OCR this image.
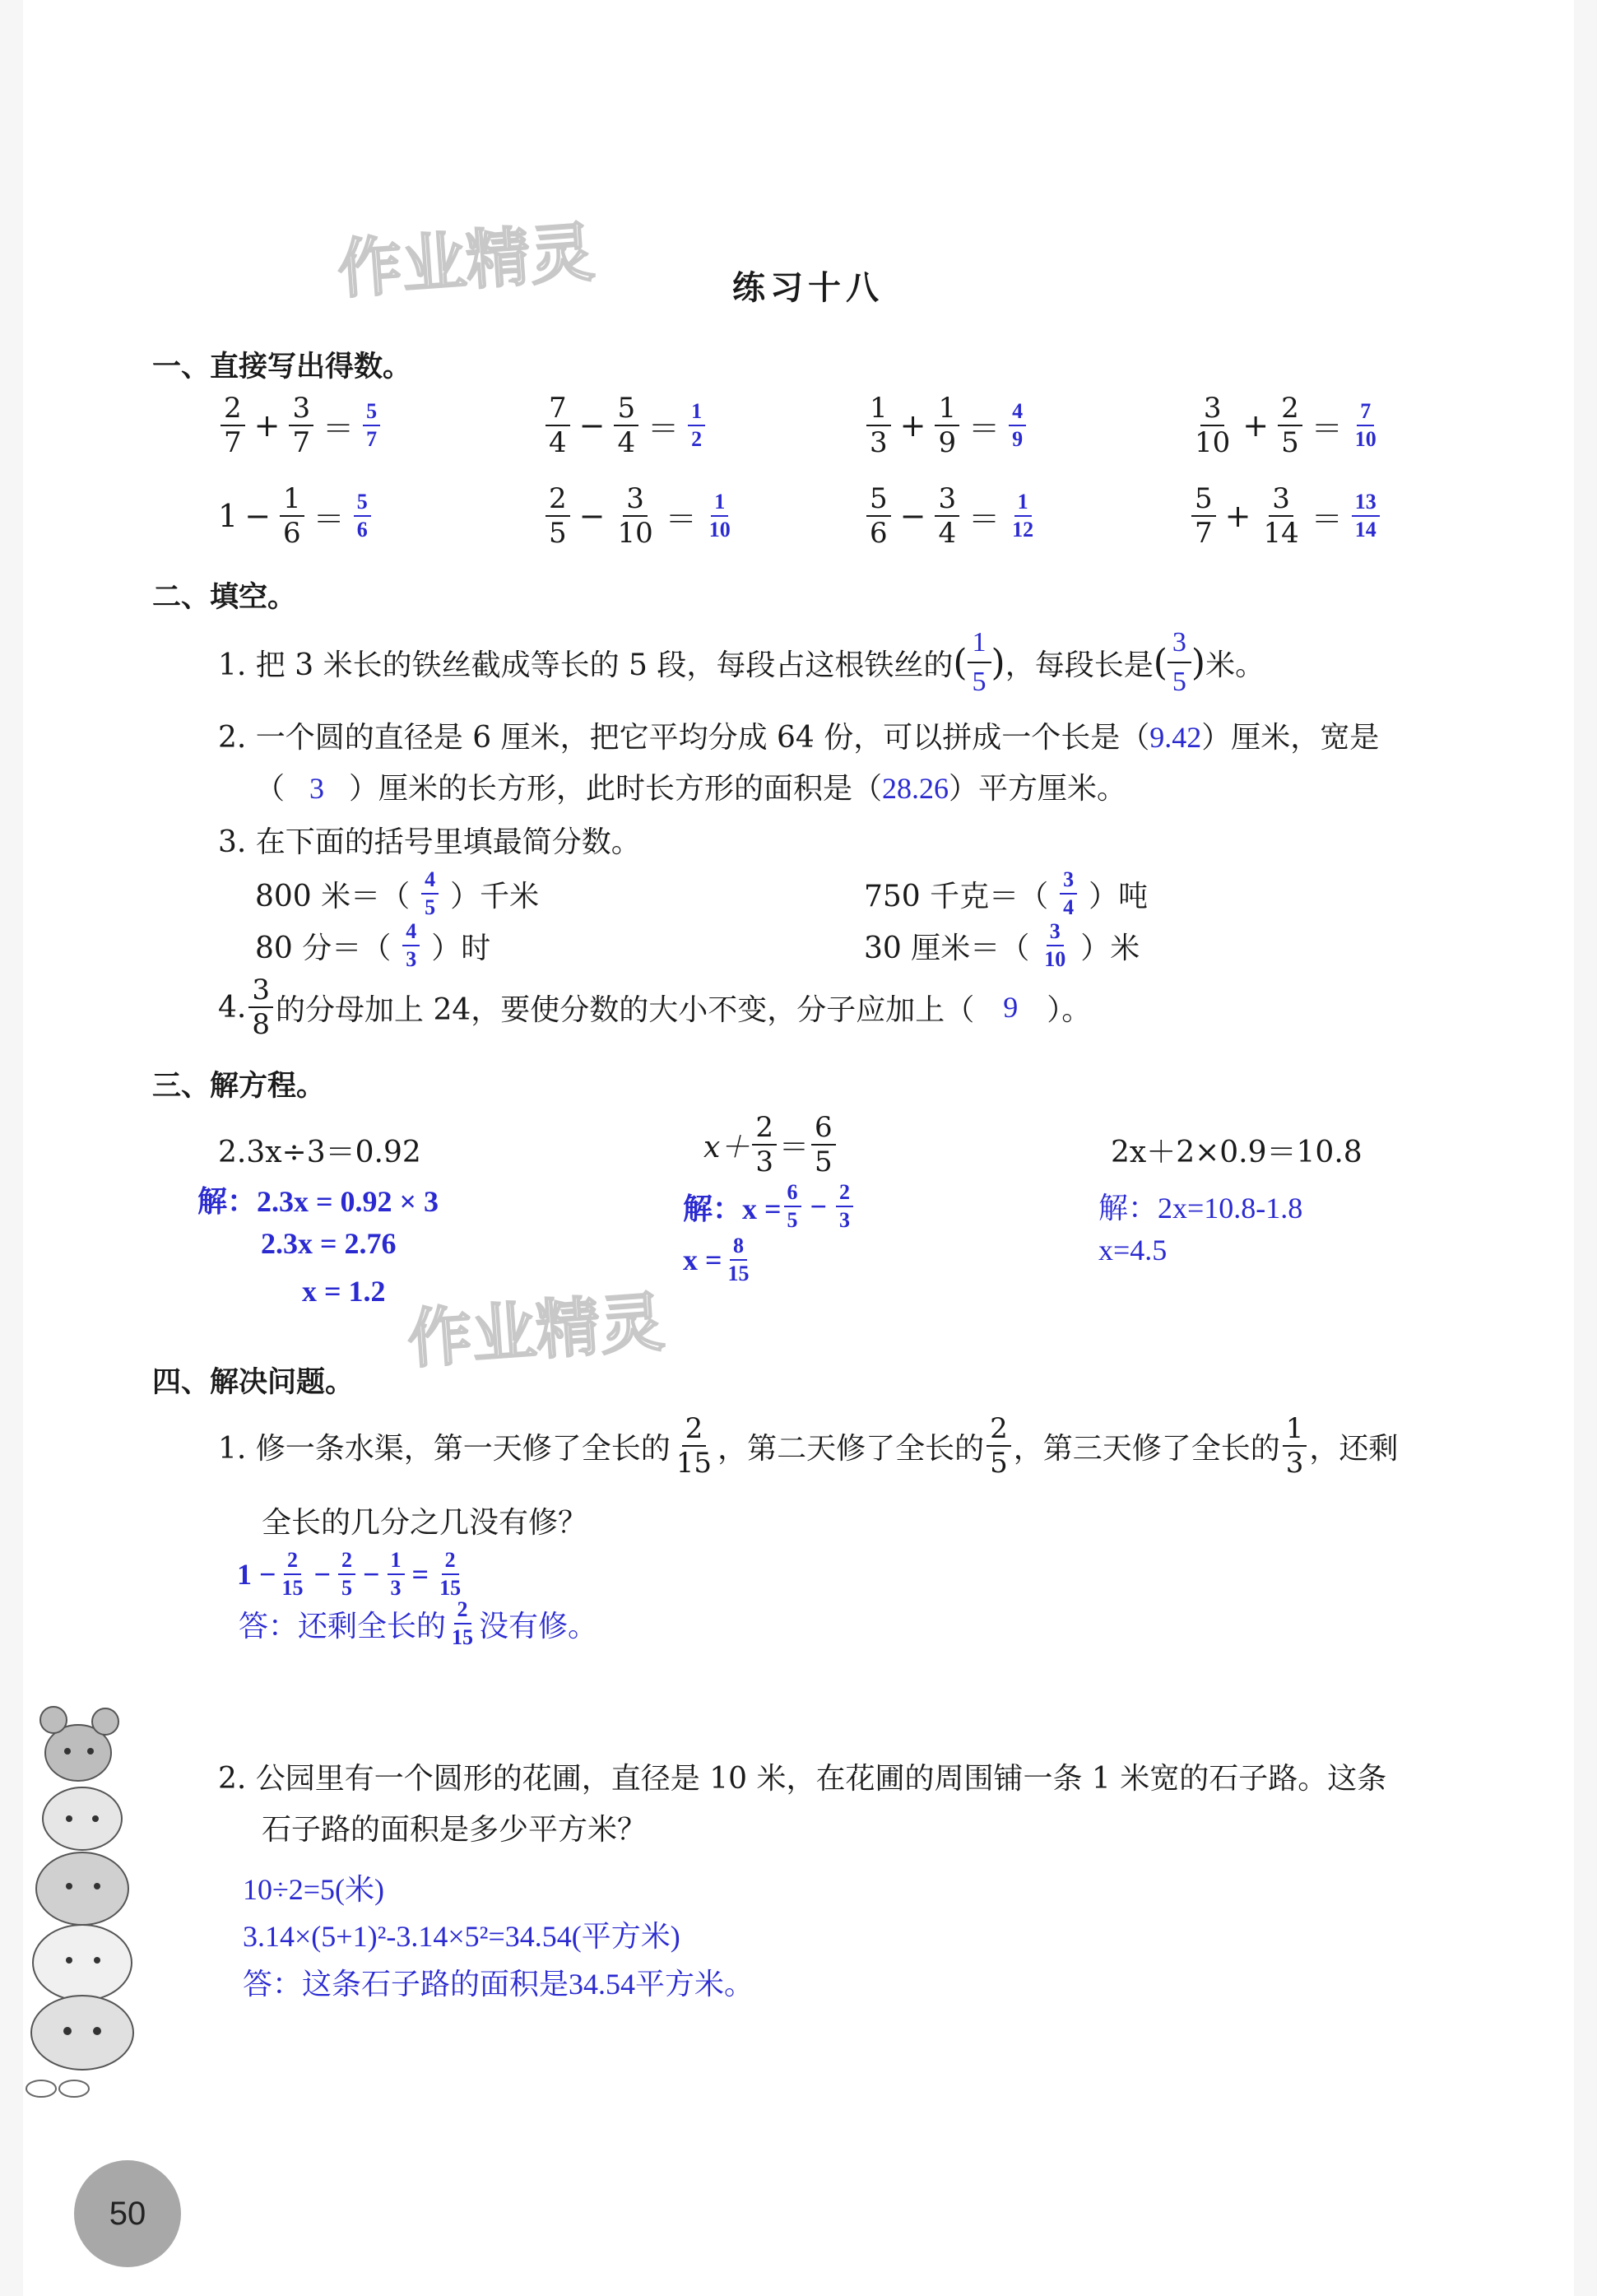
作业精灵
作业精灵
练习十八
一、直接写出得数。
2
$7 + \frac{3}{7} = 5$
7
7
$4 - \frac{5}{4} = 1$
2
1
$3 + \frac{1}{9} = 4$
9
3
$10 + \frac{2}{5} = 7$
10
$1 - \frac{1}{6} = 5$
6
2
$5 - \frac{3}{10} = 1$
10
5
$6 - \frac{3}{4} = 1$
12
5
$7 + \frac{3}{14} = 13$
14
二、填空。
1. 把 3 米长的铁丝截成等长的 5 段，每段占这根铁丝的 ( 1
5 ) ，每段长是 ( 3
5 ) 米。
2. 一个圆的直径是 6 厘米，把它平均分成 64 份，可以拼成一个长是（9.42）厘米，宽是
（ 3 ）厘米的长方形，此时长方形的面积是（28.26）平方厘米。
3. 在下面的括号里填最简分数。
800 米＝（ 4
5 ）千米	750 千克＝（ 3
4 ）吨
80 分＝（ 4
3 ）时	30 厘米＝（ 3
10 ）米
4.
3
8 的分母加上 24，要使分数的大小不变，分子应加上（ 9 ）。
三、解方程。
2.3x÷3＝0.92
解：2.3x = 0.92 × 3
2.3x = 2.76
x = 1.2
x＋
2
3 ＝
6
5
解：$x = \frac{6}{5} - \frac{2}{3}$
$x = \frac{8}{15}$
2x＋2×0.9＝10.8
解：2x=10.8-1.8
x=4.5
四、解决问题。
1. 修一条水渠，第一天修了全长的
2
15 ，第二天修了全长的
2
5 ，第三天修了全长的
1
3 ，还剩
全长的几分之几没有修？
$1 - \frac{2}{15} - \frac{2}{5} - \frac{1}{3} = \frac{2}{15}$
答：还剩全长的 2
15 没有修。
2. 公园里有一个圆形的花圃，直径是 10 米，在花圃的周围铺一条 1 米宽的石子路。这条
石子路的面积是多少平方米？
10÷2=5(米)
3.14×(5+1)²-3.14×5²=34.54(平方米)
答：这条石子路的面积是34.54平方米。
50
